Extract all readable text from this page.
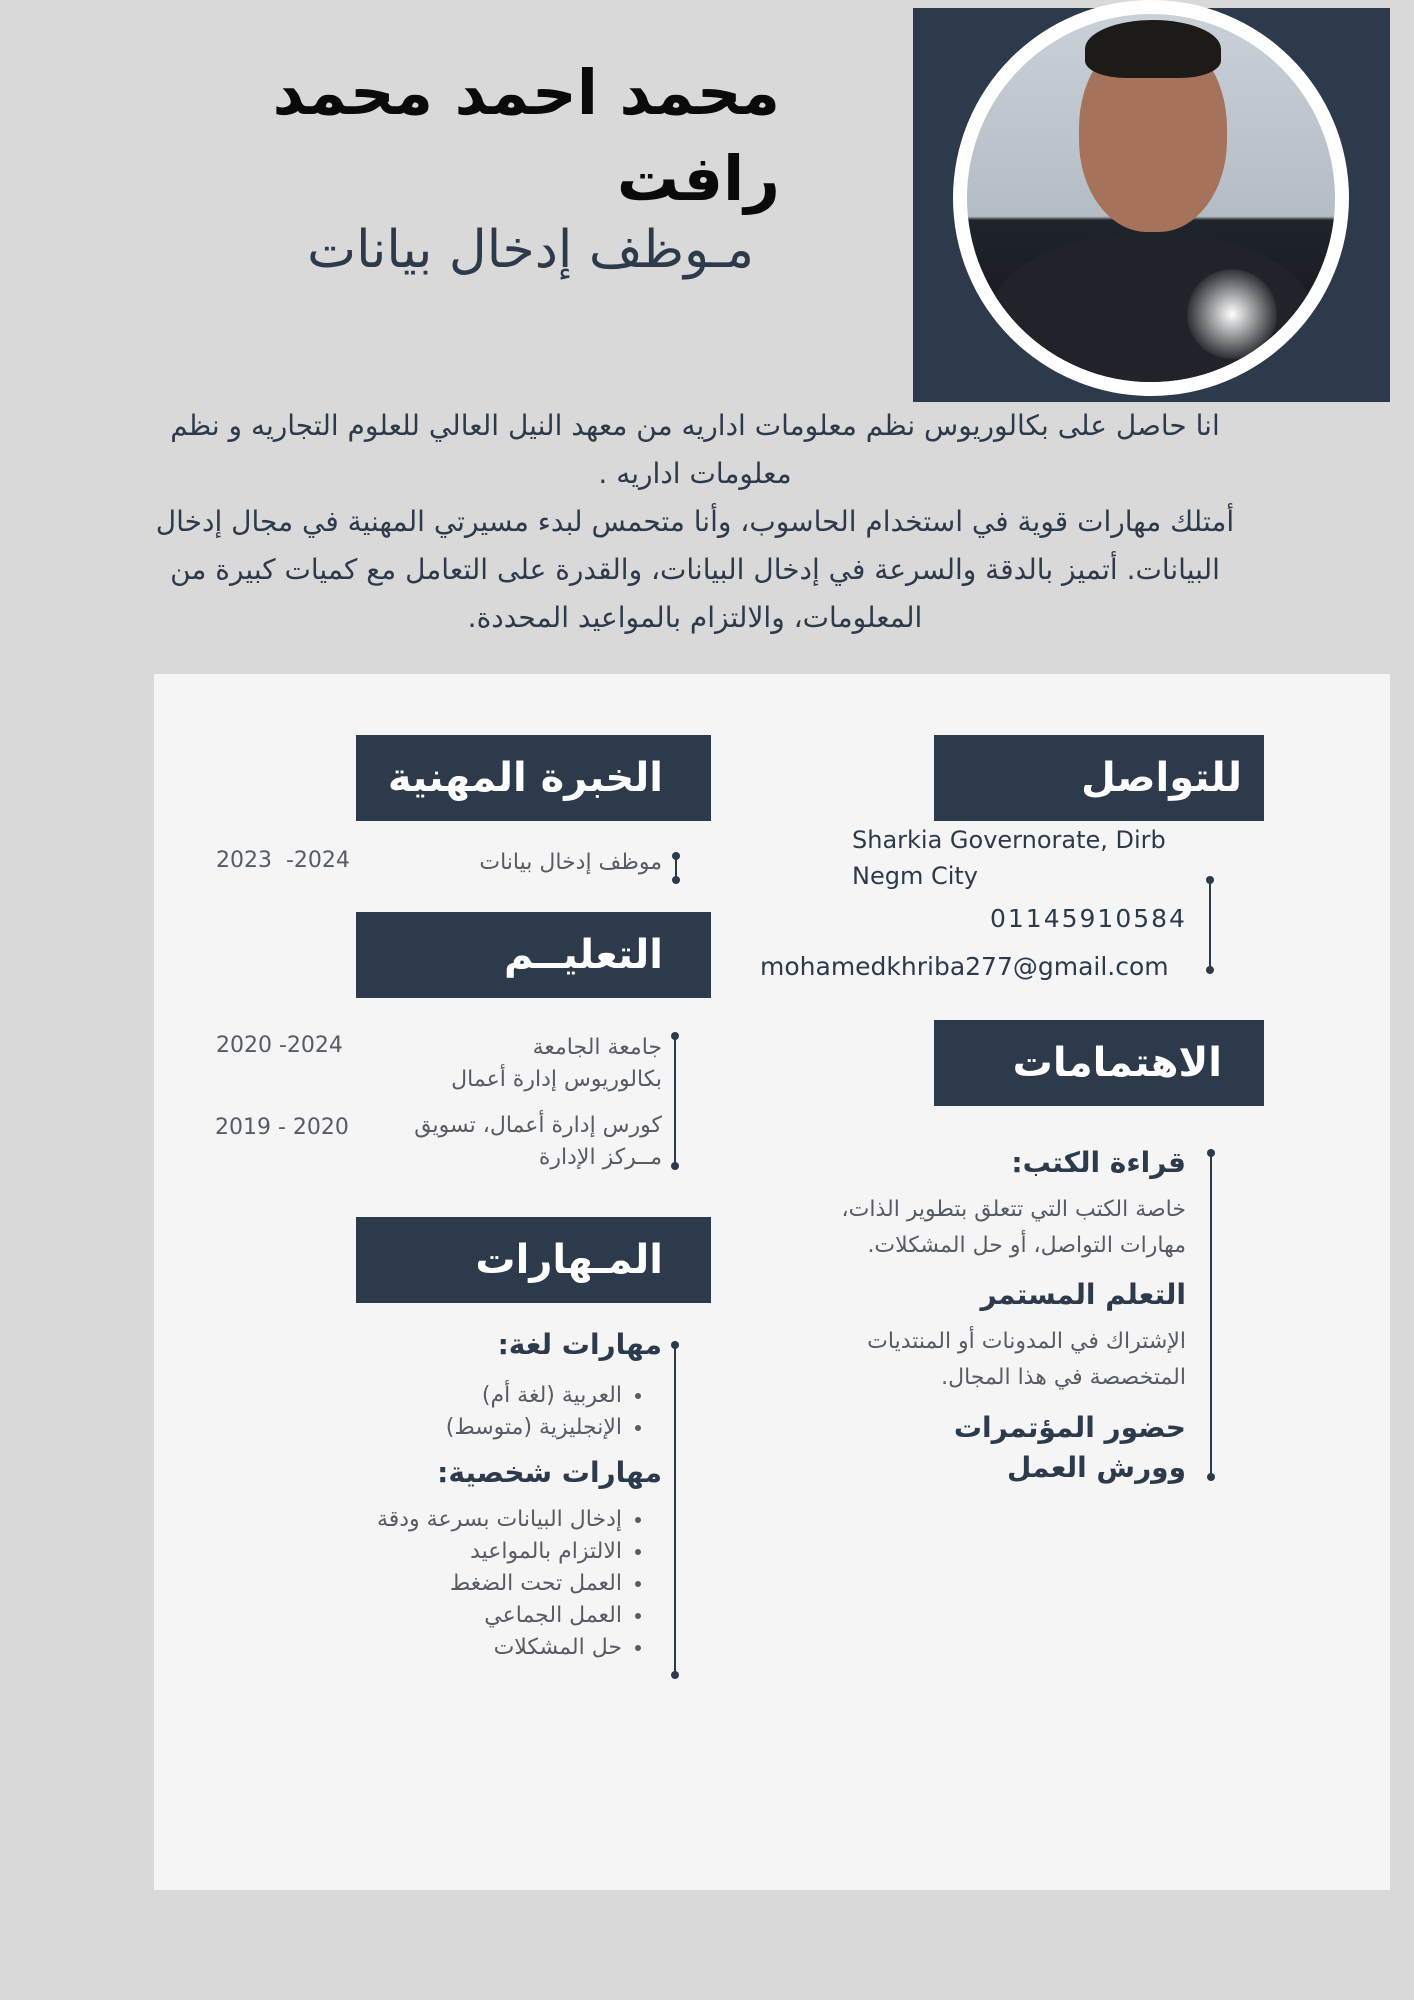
محمد احمد محمد
رافت
مـوظف إدخال بيانات
انا حاصل على بكالوريوس نظم معلومات اداريه من معهد النيل العالي للعلوم التجاريه و نظم
معلومات اداريه .
أمتلك مهارات قوية في استخدام الحاسوب، وأنا متحمس لبدء مسيرتي المهنية في مجال إدخال
البيانات. أتميز بالدقة والسرعة في إدخال البيانات، والقدرة على التعامل مع كميات كبيرة من
المعلومات، والالتزام بالمواعيد المحددة.
للتواصل
Sharkia Governorate, Dirb
Negm City
01145910584
mohamedkhriba277@gmail.com
الاهتمامات
قراءة الكتب:
خاصة الكتب التي تتعلق بتطوير الذات،
مهارات التواصل، أو حل المشكلات.
التعلم المستمر
الإشتراك في المدونات أو المنتديات
المتخصصة في هذا المجال.
حضور المؤتمرات
وورش العمل
الخبرة المهنية
موظف إدخال بيانات
2023  -2024
التعليــم
جامعة الجامعة
بكالوريوس إدارة أعمال
2020 -2024
كورس إدارة أعمال، تسويق
مــركز الإدارة
2019 - 2020
المـهارات
مهارات لغة:
• العربية (لغة أم)
• الإنجليزية (متوسط)
مهارات شخصية:
• إدخال البيانات بسرعة ودقة
• الالتزام بالمواعيد
• العمل تحت الضغط
• العمل الجماعي
• حل المشكلات
